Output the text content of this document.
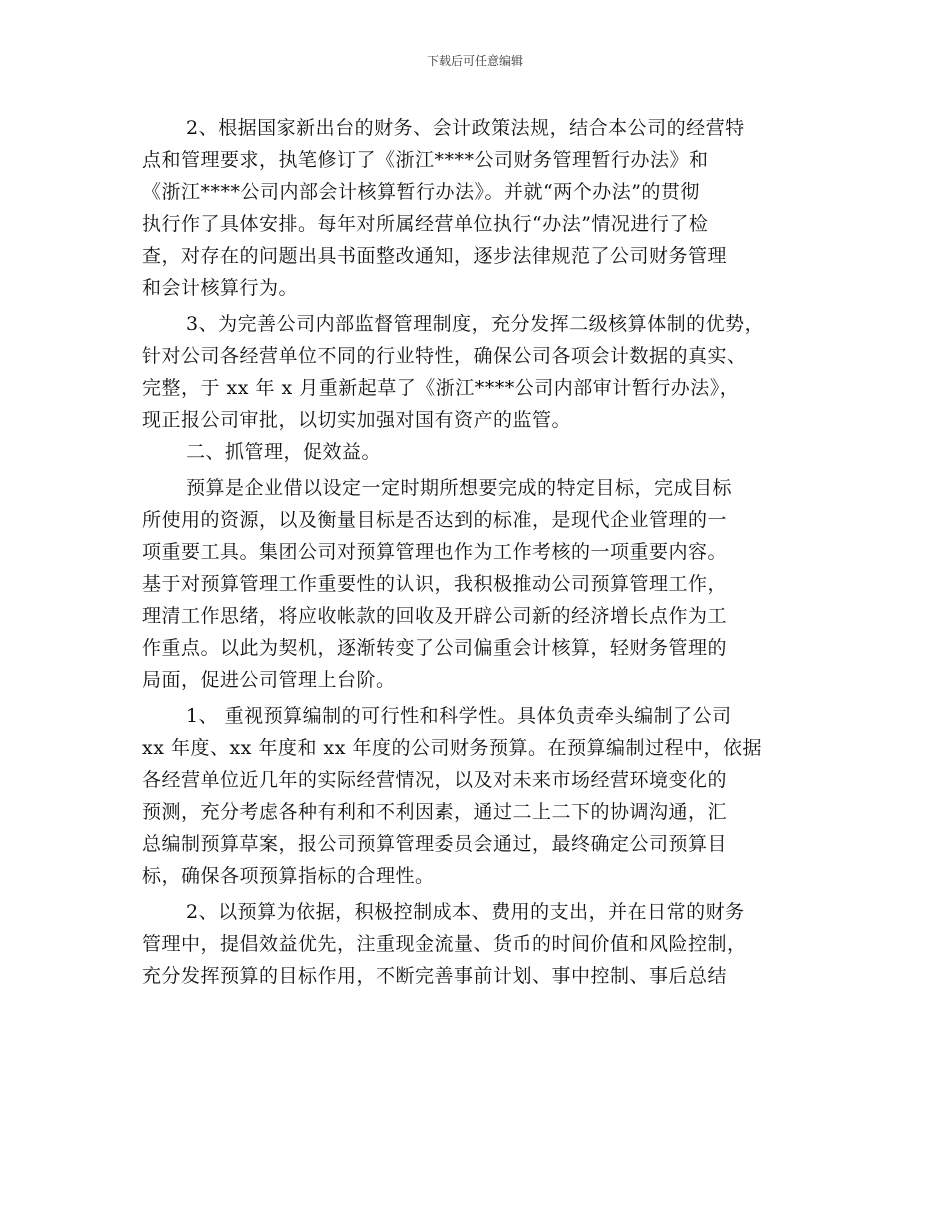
下载后可任意编辑
2、根据国家新出台的财务、会计政策法规，结合本公司的经营特
点和管理要求，执笔修订了《浙江****公司财务管理暂行办法》和
《浙江****公司内部会计核算暂行办法》。并就“两个办法”的贯彻
执行作了具体安排。每年对所属经营单位执行“办法”情况进行了检
查，对存在的问题出具书面整改通知，逐步法律规范了公司财务管理
和会计核算行为。
3、为完善公司内部监督管理制度，充分发挥二级核算体制的优势，
针对公司各经营单位不同的行业特性，确保公司各项会计数据的真实、
完整，于 xx 年 x 月重新起草了《浙江****公司内部审计暂行办法》，
现正报公司审批，以切实加强对国有资产的监管。
二、抓管理，促效益。
预算是企业借以设定一定时期所想要完成的特定目标，完成目标
所使用的资源，以及衡量目标是否达到的标准，是现代企业管理的一
项重要工具。集团公司对预算管理也作为工作考核的一项重要内容。
基于对预算管理工作重要性的认识，我积极推动公司预算管理工作，
理清工作思绪，将应收帐款的回收及开辟公司新的经济增长点作为工
作重点。以此为契机，逐渐转变了公司偏重会计核算，轻财务管理的
局面，促进公司管理上台阶。
1、 重视预算编制的可行性和科学性。具体负责牵头编制了公司
xx 年度、xx 年度和 xx 年度的公司财务预算。在预算编制过程中，依据
各经营单位近几年的实际经营情况，以及对未来市场经营环境变化的
预测，充分考虑各种有利和不利因素，通过二上二下的协调沟通，汇
总编制预算草案，报公司预算管理委员会通过，最终确定公司预算目
标，确保各项预算指标的合理性。
2、以预算为依据，积极控制成本、费用的支出，并在日常的财务
管理中，提倡效益优先，注重现金流量、货币的时间价值和风险控制，
充分发挥预算的目标作用，不断完善事前计划、事中控制、事后总结
